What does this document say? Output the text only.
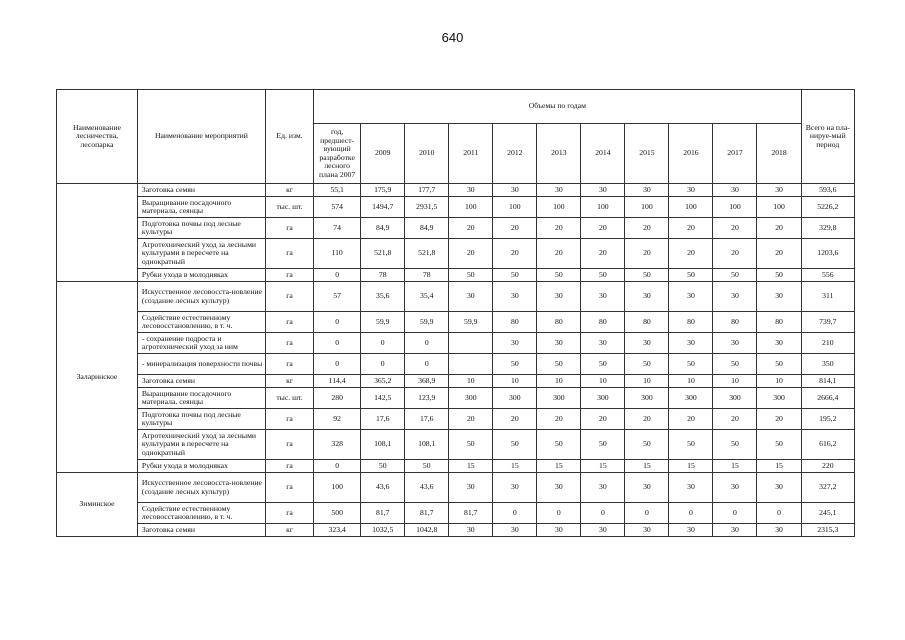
640
Наименование лесничества, лесопарка	Наименование мероприятий	Ед. изм.	Объемы по годам											Всего на пла-нируе-мый период
			год, предшест-вующий разработке лесного плана 2007	2009	2010	2011	2012	2013	2014	2015	2016	2017	2018	
	Заготовка семян	кг	55,1	175,9	177,7	30	30	30	30	30	30	30	30	593,6
	Выращивание посадочного материала, сеянцы	тыс. шт.	574	1494,7	2931,5	100	100	100	100	100	100	100	100	5226,2
	Подготовка почвы под лесные культуры	га	74	84,9	84,9	20	20	20	20	20	20	20	20	329,8
	Агротехнический уход за лесными культурами в пересчете на однократный	га	110	521,8	521,8	20	20	20	20	20	20	20	20	1203,6
	Рубки ухода в молодняках	га	0	78	78	50	50	50	50	50	50	50	50	556
Заларинское	Искусственное лесовосста-новление (создание лесных культур)	га	57	35,6	35,4	30	30	30	30	30	30	30	30	311
	Содействие естественному лесовосстановлению, в т. ч.	га	0	59,9	59,9	59,9	80	80	80	80	80	80	80	739,7
	- сохранение подроста и агротехнический уход за ним	га	0	0	0		30	30	30	30	30	30	30	210
	- минерализация поверхности почвы	га	0	0	0		50	50	50	50	50	50	50	350
	Заготовка семян	кг	114,4	365,2	368,9	10	10	10	10	10	10	10	10	814,1
	Выращивание посадочного материала, сеянцы	тыс. шт.	280	142,5	123,9	300	300	300	300	300	300	300	300	2666,4
	Подготовка почвы под лесные культуры	га	92	17,6	17,6	20	20	20	20	20	20	20	20	195,2
	Агротехнический уход за лесными культурами в пересчете на однократный	га	328	108,1	108,1	50	50	50	50	50	50	50	50	616,2
	Рубки ухода в молодняках	га	0	50	50	15	15	15	15	15	15	15	15	220
Зиминское	Искусственное лесовосста-новление (создание лесных культур)	га	100	43,6	43,6	30	30	30	30	30	30	30	30	327,2
	Содействие естественному лесовосстановлению, в т. ч.	га	500	81,7	81,7	81,7	0	0	0	0	0	0	0	245,1
	Заготовка семян	кг	323,4	1032,5	1042,8	30	30	30	30	30	30	30	30	2315,3
